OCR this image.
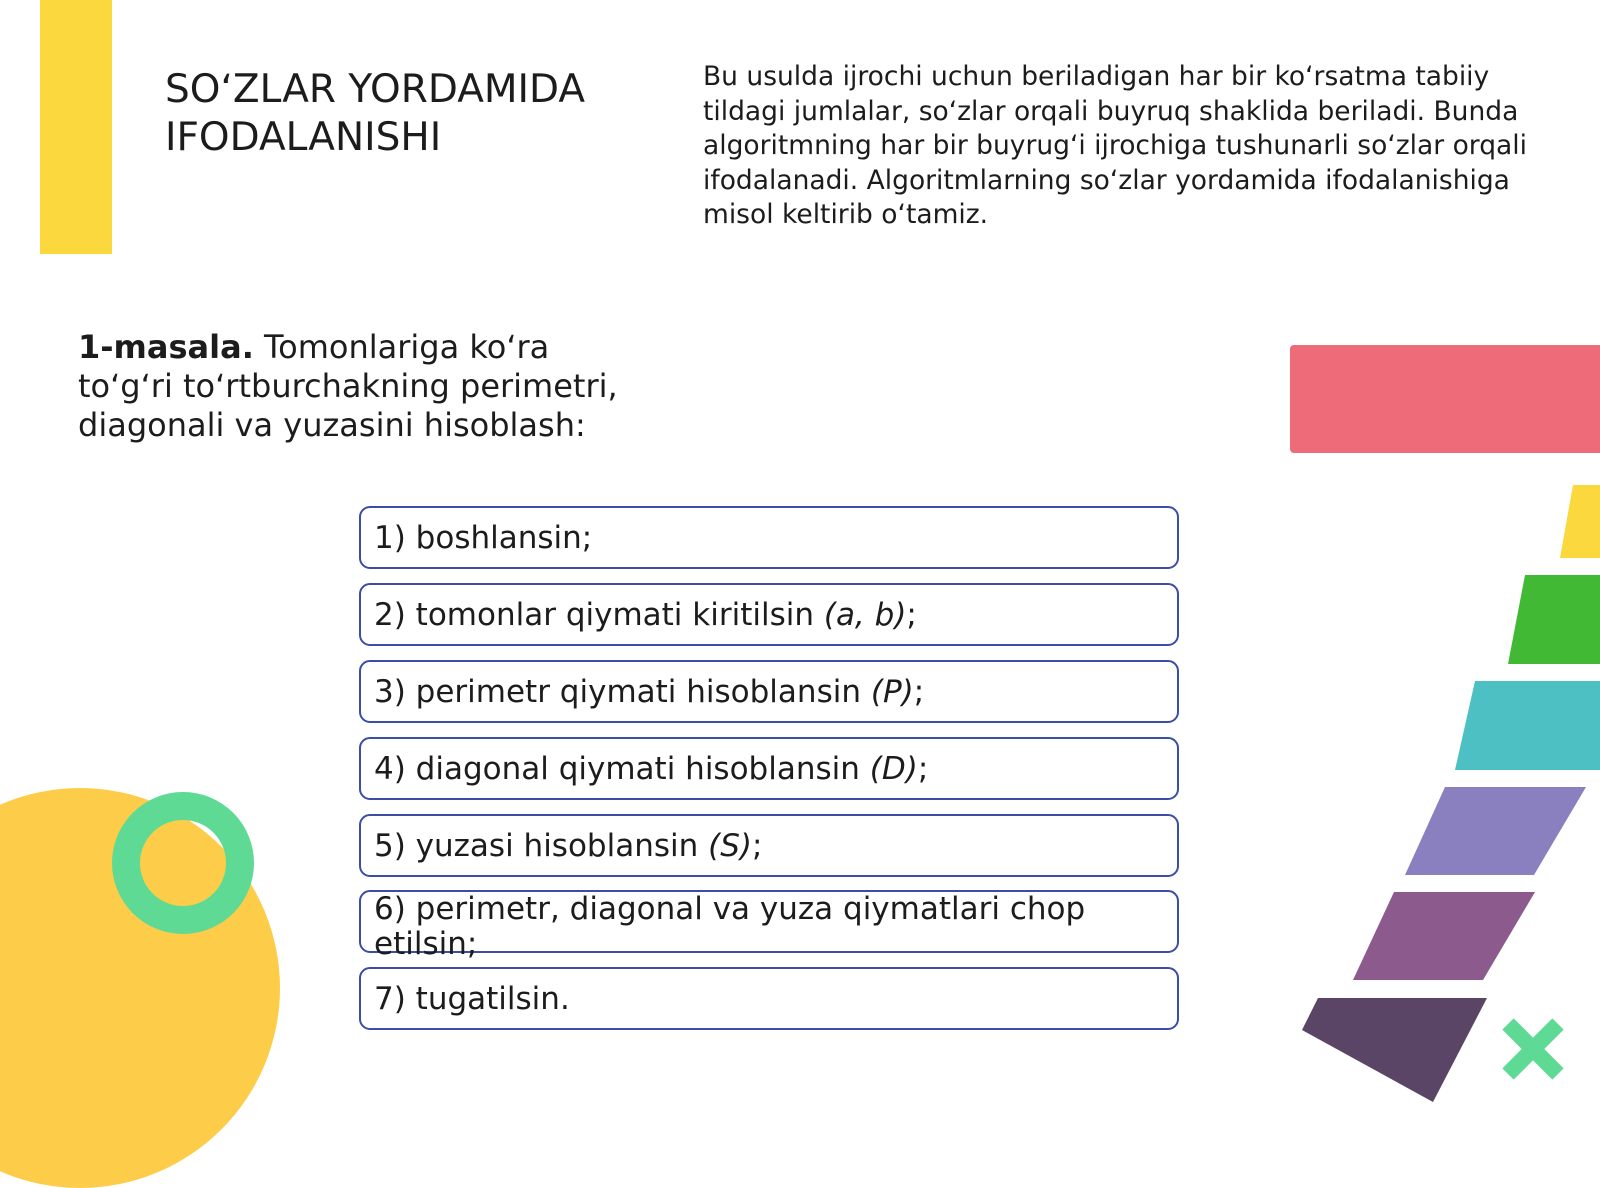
SO‘ZLAR YORDAMIDA
IFODALANISHI

Bu usulda ijrochi uchun beriladigan har bir ko‘rsatma tabiiy tildagi jumlalar, so‘zlar orqali buyruq shaklida beriladi. Bunda algoritmning har bir buyrug‘i ijrochiga tushunarli so‘zlar orqali ifodalanadi. Algoritmlarning so‘zlar yordamida ifodalanishiga misol keltirib o‘tamiz.

1-masala. Tomonlariga ko‘ra
to‘g‘ri to‘rtburchakning perimetri,
diagonali va yuzasini hisoblash:

1) boshlansin;
2) tomonlar qiymati kiritilsin (a, b);
3) perimetr qiymati hisoblansin (P);
4) diagonal qiymati hisoblansin (D);
5) yuzasi hisoblansin (S);
6) perimetr, diagonal va yuza qiymatlari chop
etilsin;
7) tugatilsin.
